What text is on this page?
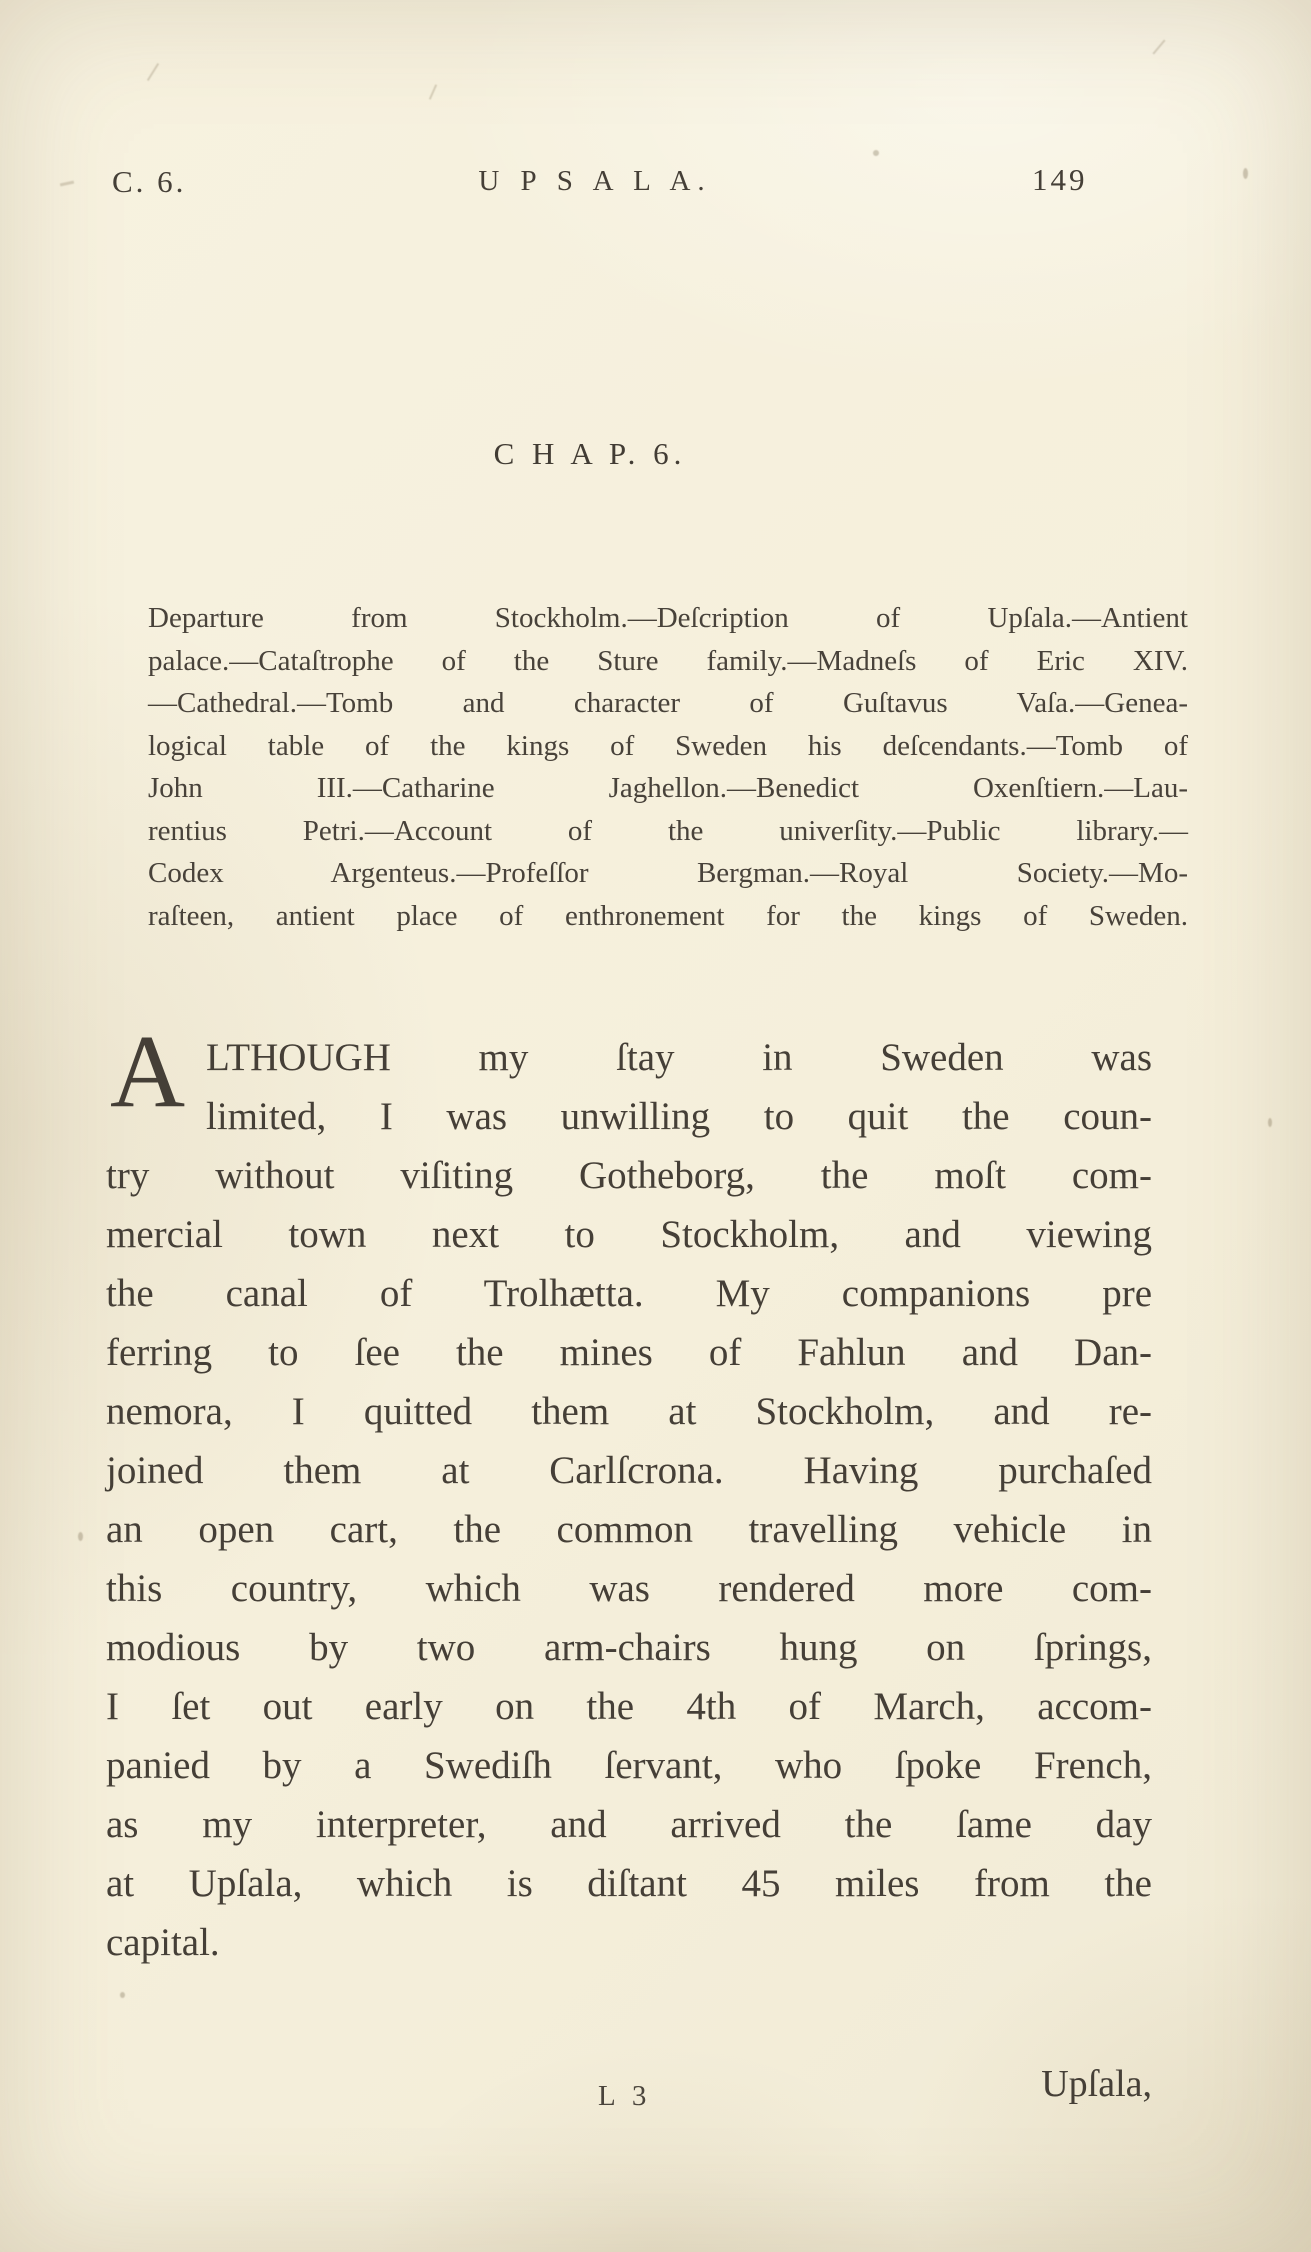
C. 6.	U P S A L A.	149
C H A P. 6.
Departure from Stockholm.—Deſcription of Upſala.—Antient
palace.—Cataſtrophe of the Sture family.—Madneſs of Eric XIV.
—Cathedral.—Tomb and character of Guſtavus Vaſa.—Genea-
logical table of the kings of Sweden his deſcendants.—Tomb of
John III.—Catharine Jaghellon.—Benedict Oxenſtiern.—Lau-
rentius Petri.—Account of the univerſity.—Public library.—
Codex Argenteus.—Profeſſor Bergman.—Royal Society.—Mo-
raſteen, antient place of enthronement for the kings of Sweden.
A LTHOUGH my ſtay in Sweden was
limited, I was unwilling to quit the coun-
try without viſiting Gotheborg, the moſt com-
mercial town next to Stockholm, and viewing
the canal of Trolhætta. My companions pre
ferring to ſee the mines of Fahlun and Dan-
nemora, I quitted them at Stockholm, and re-
joined them at Carlſcrona. Having purchaſed
an open cart, the common travelling vehicle in
this country, which was rendered more com-
modious by two arm-chairs hung on ſprings,
I ſet out early on the 4th of March, accom-
panied by a Swediſh ſervant, who ſpoke French,
as my interpreter, and arrived the ſame day
at Upſala, which is diſtant 45 miles from the
capital.
L 3	Upſala,
